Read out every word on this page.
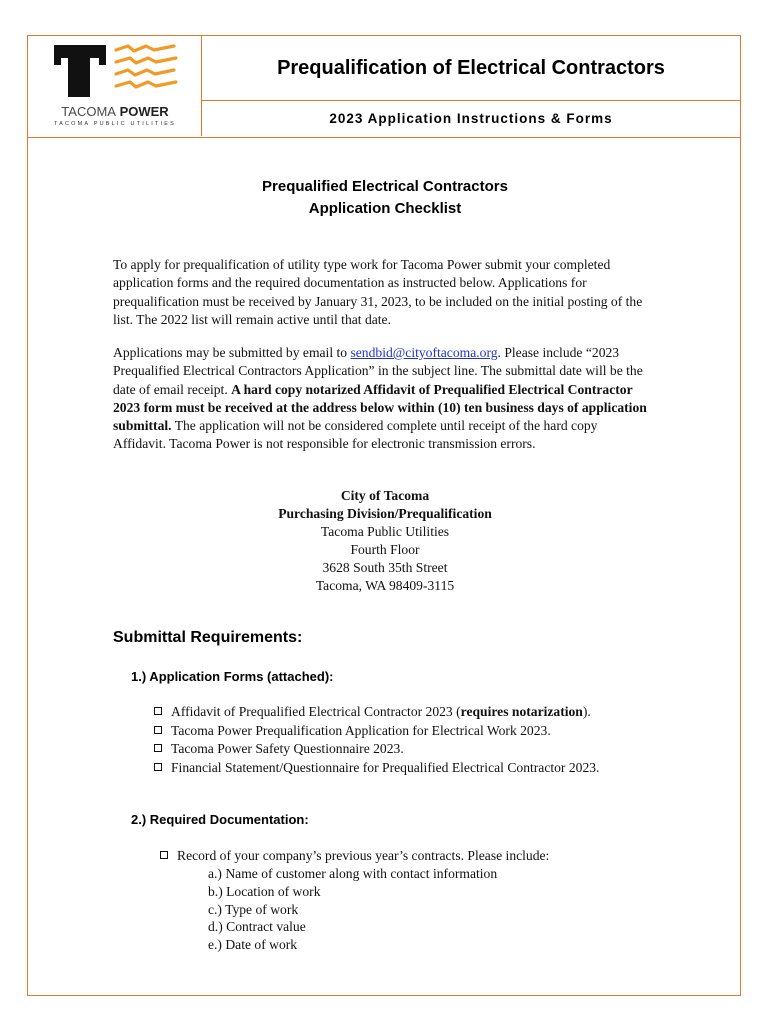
TACOMA POWER
TACOMA PUBLIC UTILITIES
Prequalification of Electrical Contractors
2023 Application Instructions & Forms
Prequalified Electrical Contractors
Application Checklist
To apply for prequalification of utility type work for Tacoma Power submit your completed application forms and the required documentation as instructed below. Applications for prequalification must be received by January 31, 2023, to be included on the initial posting of the list. The 2022 list will remain active until that date.
Applications may be submitted by email to sendbid@cityoftacoma.org. Please include “2023 Prequalified Electrical Contractors Application” in the subject line. The submittal date will be the date of email receipt. A hard copy notarized Affidavit of Prequalified Electrical Contractor 2023 form must be received at the address below within (10) ten business days of application submittal. The application will not be considered complete until receipt of the hard copy Affidavit. Tacoma Power is not responsible for electronic transmission errors.
City of Tacoma
Purchasing Division/Prequalification
Tacoma Public Utilities
Fourth Floor
3628 South 35th Street
Tacoma, WA 98409-3115
Submittal Requirements:
1.) Application Forms (attached):
Affidavit of Prequalified Electrical Contractor 2023 (requires notarization).
Tacoma Power Prequalification Application for Electrical Work 2023.
Tacoma Power Safety Questionnaire 2023.
Financial Statement/Questionnaire for Prequalified Electrical Contractor 2023.
2.) Required Documentation:
Record of your company’s previous year’s contracts. Please include:
a.) Name of customer along with contact information
b.) Location of work
c.) Type of work
d.) Contract value
e.) Date of work
